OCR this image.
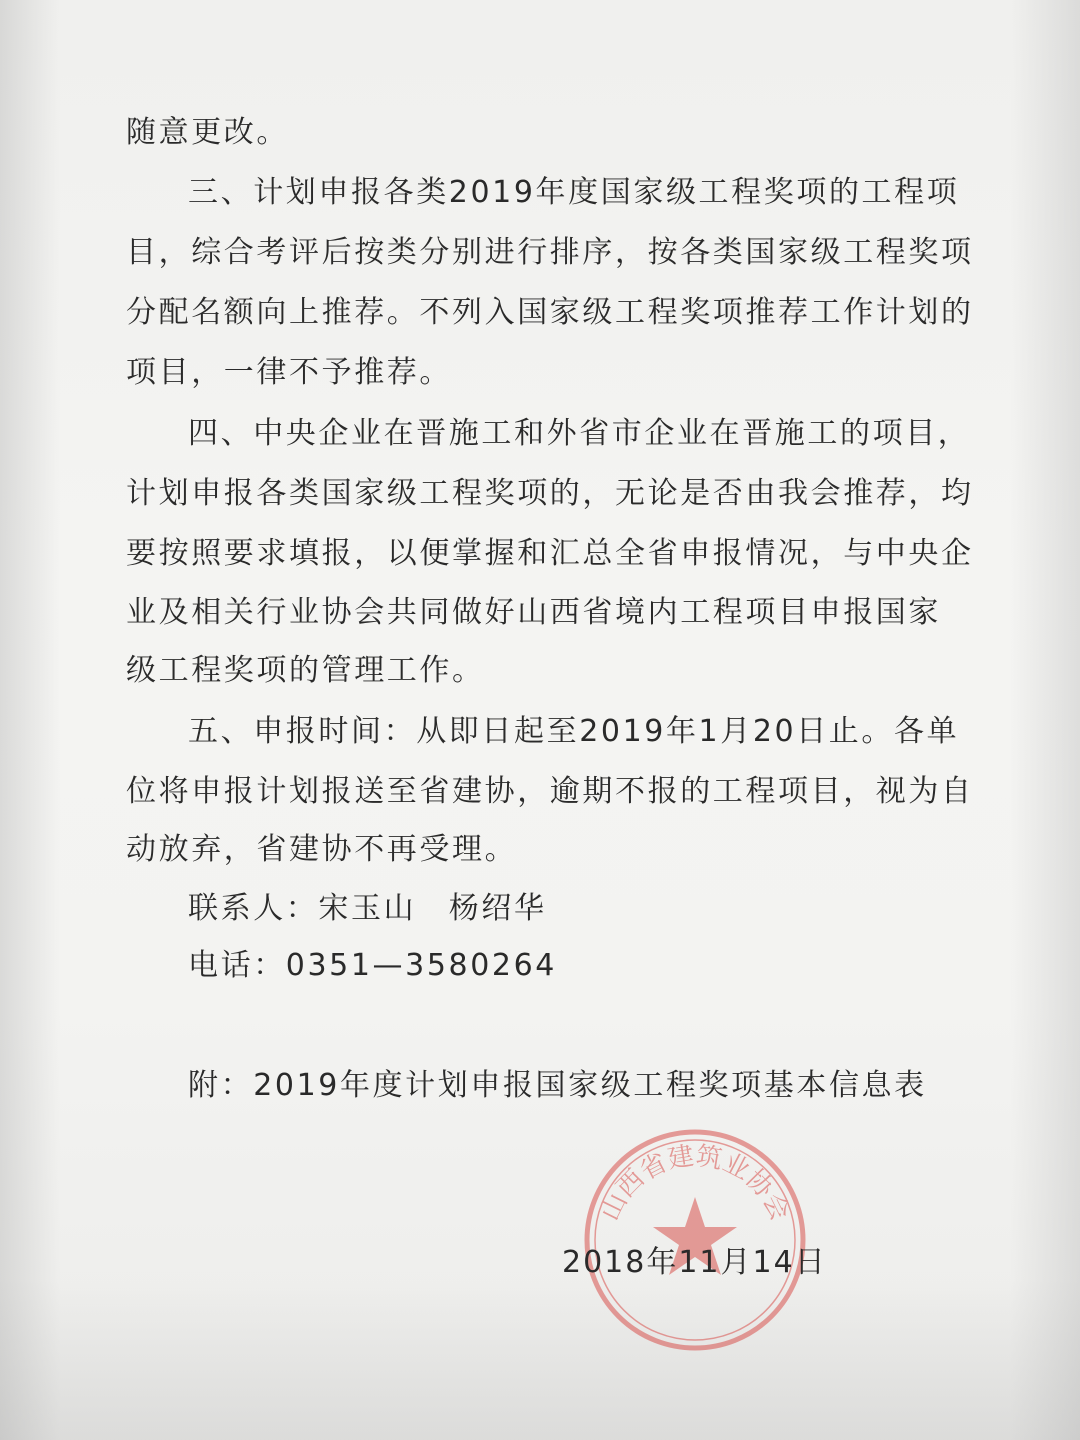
随意更改。
三、计划申报各类2019年度国家级工程奖项的工程项
目，综合考评后按类分别进行排序，按各类国家级工程奖项
分配名额向上推荐。不列入国家级工程奖项推荐工作计划的
项目，一律不予推荐。
四、中央企业在晋施工和外省市企业在晋施工的项目，
计划申报各类国家级工程奖项的，无论是否由我会推荐，均
要按照要求填报，以便掌握和汇总全省申报情况，与中央企
业及相关行业协会共同做好山西省境内工程项目申报国家
级工程奖项的管理工作。
五、申报时间：从即日起至2019年1月20日止。各单
位将申报计划报送至省建协，逾期不报的工程项目，视为自
动放弃，省建协不再受理。
联系人：宋玉山　杨绍华
电话：0351—3580264
附：2019年度计划申报国家级工程奖项基本信息表
山西省建筑业协会
2018年11月14日
